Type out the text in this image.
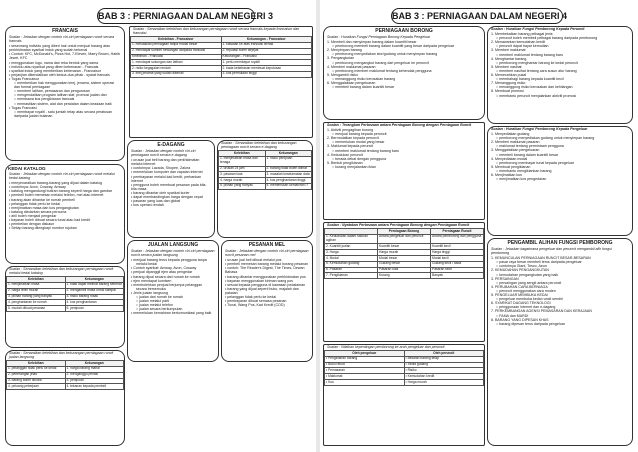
BAB 3 : PERNIAGAAN DALAM NEGERI 3
FRANCAIS
Soalan : Jelaskan dengan contoh ciri-ciri perniagaan runcit secara francais
• seseorang individu yang diberi hak untuk menjual barang atau
perkhidmatan syarikat induk yang sudah terkenal
• Contoh: KFC, McDonald's, Pizza Hut, 7-Eleven, Marry Brown, Habib Jewel, KFC
• menggunakan logo, nama dan reka bentuk yang sama
• individu atau syarikat yang diberi kebenaran - Francais
• syarikat induk yang memberikan kebenaran - Francaisor
• perjanjian dikendalikan oleh kedua-dua pihak - syarat francais
• Tugas Francaisor
○ memberikan hak menggunakan imej, jenama, sistem operasi
dan format perniagaan
○ memberi latihan, pemasaran dan pengurusan
○ mengendalikan program latihan staf, promosi jualan dan
○ membawa kos pengiklanan francais
○ memastikan sistem, alat dan peralatan dalam keadaan baik
• Tugas Francaisi
○ membayar royalti - satu jumlah tetap atau secara peratusan
daripada jualan bulanan
Soalan : Senaraikan kelebihan dan kekurangan perniagaan runcit secara francais kepada francaisor dan francaisi
Kelebihan - Francaisor	Kekurangan - Francaisor
1. meluaskan perniagaan tanpa modal besar	1. kawalan ke atas francaisi terhad
2. mendapat sumber kewangan daripada francaisi	2. reputasi boleh terjejas
Kelebihan - Francaisi	Kekurangan - Francaisi
1. mendapat sokongan dan latihan	1. perlu membayar royalti
2. risiko kegagalan rendah	2. tiada kebebasan membuat keputusan
3. imej jenama yang sudah dikenali	3. kos permulaan tinggi
KEDAI KATALOG
Soalan : Jelaskan dengan contoh ciri-ciri perniagaan runcit melalui kedai katalog
• menyenaraikan barang-barang yang dijual dalam katalog
• contohnya: Avon, Cosway, Amway
• katalog mengandungi butiran barang seperti harga dan gambar
• pembeli boleh memesan melalui telefon, mel atau internet
• barang akan dihantar ke rumah pembeli
• pelanggan tidak perlu ke kedai
• menjimatkan masa dan kos pengangkutan
• katalog diedarkan secara percuma
• ahli boleh menjadi pengedar
• bayaran boleh dibuat secara tunai atau kad kredit
• pembelian dengan diskaun
• Setiap barang dilengkapi nombor rujukan
Soalan : Senaraikan kelebihan dan kekurangan perniagaan runcit melalui kedai katalog
Kelebihan	Kekurangan
1. menjimatkan masa	1. tidak dapat melihat barang sebenar
2. harga lebih murah	2. mengambil masa untuk sampai
3. pilihan barang yang banyak	3. risiko barang rosak
4. penghantaran ke rumah	4. kos penghantaran
5. mudah dibuat pesanan	5. penipuan
E-DAGANG
Soalan : Jelaskan dengan contoh ciri-ciri perniagaan runcit secara e-dagang
• urusan jual beli barang dan perkhidmatan melalui internet
• contohnya: Lazada, Shopee, Zalora
• memerlukan komputer dan capaian internet
• pembayaran melalui kad kredit, perbankan internet
• pengguna boleh membuat pesanan pada bila-bila masa
• barang dihantar oleh syarikat kurier
• dapat membandingkan harga dengan cepat
• pasaran yang luas dan global
• kos operasi rendah
Soalan : Senaraikan kelebihan dan kekurangan perniagaan runcit secara e-dagang
Kelebihan	Kekurangan
1. menjimatkan masa dan tenaga	1. risiko penipuan
2. urusan 24 jam	2. barang tidak boleh dilihat
3. pasaran luas	3. masalah keselamatan data
4. harga murah	4. kos penghantaran tinggi
5. pilihan yang banyak	5. memerlukan kemahiran IT
PESANAN MEL
Soalan : Jelaskan dengan contoh ciri-ciri perniagaan runcit pesanan mel
• urusan jual beli dibuat melalui pos
• pembeli memesan barang melalui borang pesanan
• contoh: The Reader's Digest, The Times, Dewan Bahasa
• barang dihantar menggunakan perkhidmatan pos
• bayaran menggunakan kiriman wang pos
• sesuai kepada pengguna di kawasan pedalaman
• barang yang dijual seperti buku, majalah dan pakaian
• pelanggan tidak perlu ke kedai
• pembayaran dibuat semasa pesanan
• Tunai, Wang Pos, Kad Kredit (COD)
JUALAN LANGSUNG
Soalan : Jelaskan dengan contoh ciri-ciri perniagaan runcit secara jualan langsung
• menjual barang terus kepada pengguna tanpa
melalui kedai
• Contoh syarikat: Amway, Avon, Cosway
• penjual dipanggil ejen atau pengedar
• barang dijual secara dari rumah ke rumah
• ejen mendapat komisen
• membolehkan penjual berjumpa pelanggan
secara bersemuka
• Jenis jualan langsung
○ jualan dari rumah ke rumah
○ jualan melalui parti
○ jualan melalui telefon
○ jualan secara berkumpulan
• memerlukan kemahiran berkomunikasi yang baik
Soalan : Senaraikan kelebihan dan kekurangan perniagaan runcit jualan langsung
Kelebihan	Kekurangan
1. pelanggan tidak perlu ke kedai	1. harga barang mahal
2. penerangan jelas	2. menganggu privasi
3. barang boleh dicuba	3. penipuan
4. peluang pekerjaan	4. tekanan kepada pembeli
BAB 3 : PERNIAGAAN DALAM NEGERI 4
PERNIAGAAN BORONG
Soalan : Huraikan Fungsi Perniagaan Borong Kepada Pengeluar
1. Membeli dan menyimpan barang dalam kuantiti besar
○ pemborong membeli barang dalam kuantiti yang besar daripada pengeluar
2. Menyimpan barang
○ pemborong menyediakan stor/gudang untuk menyimpan barang
3. Pengangkutan
○ pemborong mengangkut barang dari pengeluar ke peruncit
4. Memberi maklumat pasaran
○ pemborong memberi maklumat tentang kehendak pengguna
5. Mengambil risiko
○ menanggung risiko kerosakan barang
6. Menggalakkan pengeluaran
○ membeli barang dalam kuantiti besar
Soalan : Terangkan Perbezaan antara Perniagaan Borong dengan Perniagaan Runcit
1. Aktiviti pengagihan borong
○ menjual barang kepada peruncit
2. Bermodalkan kepada peruncit
○ memerlukan modal yang besar
3. Maklumat kepada peruncit
○ memberi maklumat tentang barang baru
4. Kedudukan peruncit
○ berada dekat dengan pengguna
5. Bentuk pengiklanan
○ kurang menjalankan iklan
Soalan : Nyatakan Perbezaan antara Perniagaan Borong dengan Perniagaan Runcit
	Perniagaan Borong	Perniagaan Runcit
1. Kedudukan dalam saluran agihan	Antara pengeluar dan peruncit	Antara pemborong dan pengguna
2. Kuantiti jualan	Kuantiti besar	Kuantiti kecil
3. Harga	Harga murah	Harga tinggi
4. Modal	Modal besar	Modal kecil
5. Kemudahan gudang	Gudang besar	Gudang kecil / tiada
6. Pasaran	Pasaran luas	Pasaran kecil
7. Pengiklanan	Kurang	Banyak
Soalan : Nilaikan kepentingan pemborong ke arah pengeluar dan peruncit
Oleh pengeluar	Oleh peruncit
• Pengedaran barang	• Bekalan barang tetap
• Buku rekod	• Sedia gudang
• Pemasaran	• Risiko
• Maklumat	• Kemudahan kredit
• Kos	• Harga murah
Soalan : Huraikan Fungsi Pemborong Kepada Peruncit
1. Membekalkan barang pelbagai jenis
○ peruncit boleh membeli pelbagai barang daripada pemborong
2. Menawarkan kemudahan kredit
○ peruncit dapat bayar kemudian
3. Memberi maklumat
○ memberi maklumat tentang barang baru
4. Menghantar barang
○ pemborong menghantar barang ke kedai peruncit
5. Memberi nasihat
○ memberi nasihat tentang cara susun atur barang
6. Memecahkan pukal
○ membahagi barang kepada kuantiti kecil
7. Menanggung risiko
○ menanggung risiko kerosakan dan kehilangan
8. Membuat promosi
○ membantu peruncit menjalankan aktiviti promosi
Soalan : Huraikan Fungsi Pemborong Kepada Pengeluar
1. Menyediakan gudang
○ pemborong menyediakan gudang untuk menyimpan barang
2. Memberi maklumat pasaran
○ maklumat tentang permintaan pengguna
3. Menggalakkan pengeluaran
○ membeli barang dalam kuantiti besar
4. Menyediakan modal
○ pemborong membayar tunai kepada pengeluar
5. Membuat pengiklanan
○ membantu mengiklankan barang
6. Menjimatkan kos
○ menjimatkan kos pengedaran
PENGAMBIL ALIHAN FUNGSI PEMBORONG
Soalan : Jelaskan bagaimana pengeluar dan peruncit mengambil alih fungsi pemborong
1. KEMUNCULAN PERNIAGAAN RUNCIT BESAR-BESARAN
○ pasar raya besar membeli terus daripada pengeluar
○ contohnya Giant, Tesco, Aeon
2. KEMUDAHAN PENGANGKUTAN
○ kemudahan pengangkutan yang baik
3. PERSAINGAN
○ persaingan yang sengit antara peruncit
4. PERUBAHAN CARA BERNIAGA
○ peruncit menggunakan cara moden
5. PENGELUAR MEMBUKA KEDAI
○ pengeluar membuka kedai runcit sendiri
6. SYARIKAT DAGANG TEKNOLOGI
○ penggunaan internet dan e-dagang
7. PERKEMBANGAN AGENSI PEMASARAN DAN KERAJAAN
○ FAMA dan MARDI
8. BARANG YANG DIPESAN KHAS
○ barang dipesan terus daripada pengeluar
